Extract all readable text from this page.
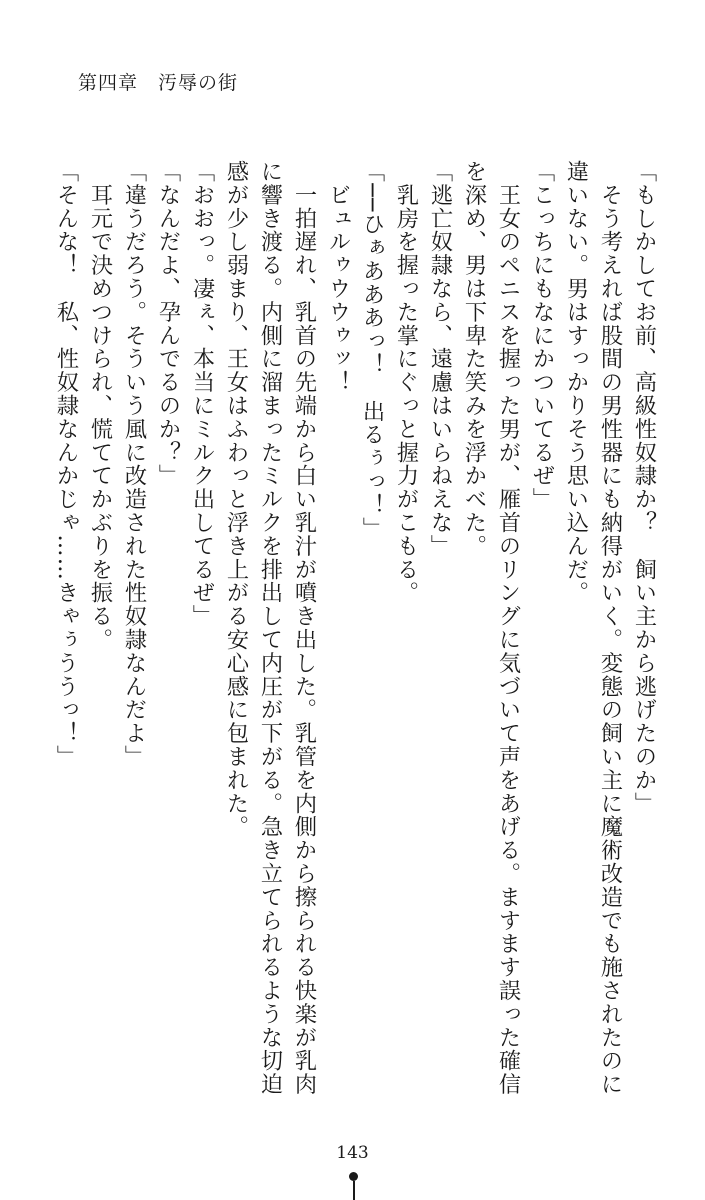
第四章　汚辱の街
「もしかしてお前、高級性奴隷か？　飼い主から逃げたのか」
　そう考えれば股間の男性器にも納得がいく。変態の飼い主に魔術改造でも施されたのに
違いない。男はすっかりそう思い込んだ。
「こっちにもなにかついてるぜ」
　王女のペニスを握った男が、雁首のリングに気づいて声をあげる。ますます誤った確信
を深め、男は下卑た笑みを浮かべた。
「逃亡奴隷なら、遠慮はいらねえな」
　乳房を握った掌にぐっと握力がこもる。
「──ひぁあああっ！　出るぅっ！」
　ビュルゥウウゥッ！
　一拍遅れ、乳首の先端から白い乳汁が噴き出した。乳管を内側から擦られる快楽が乳肉
に響き渡る。内側に溜まったミルクを排出して内圧が下がる。急き立てられるような切迫
感が少し弱まり、王女はふわっと浮き上がる安心感に包まれた。
「おおっ。凄ぇ、本当にミルク出してるぜ」
「なんだよ、孕んでるのか？」
「違うだろう。そういう風に改造された性奴隷なんだよ」
　耳元で決めつけられ、慌ててかぶりを振る。
「そんな！　私、性奴隷なんかじゃ……きゃぅううっ！」
143
